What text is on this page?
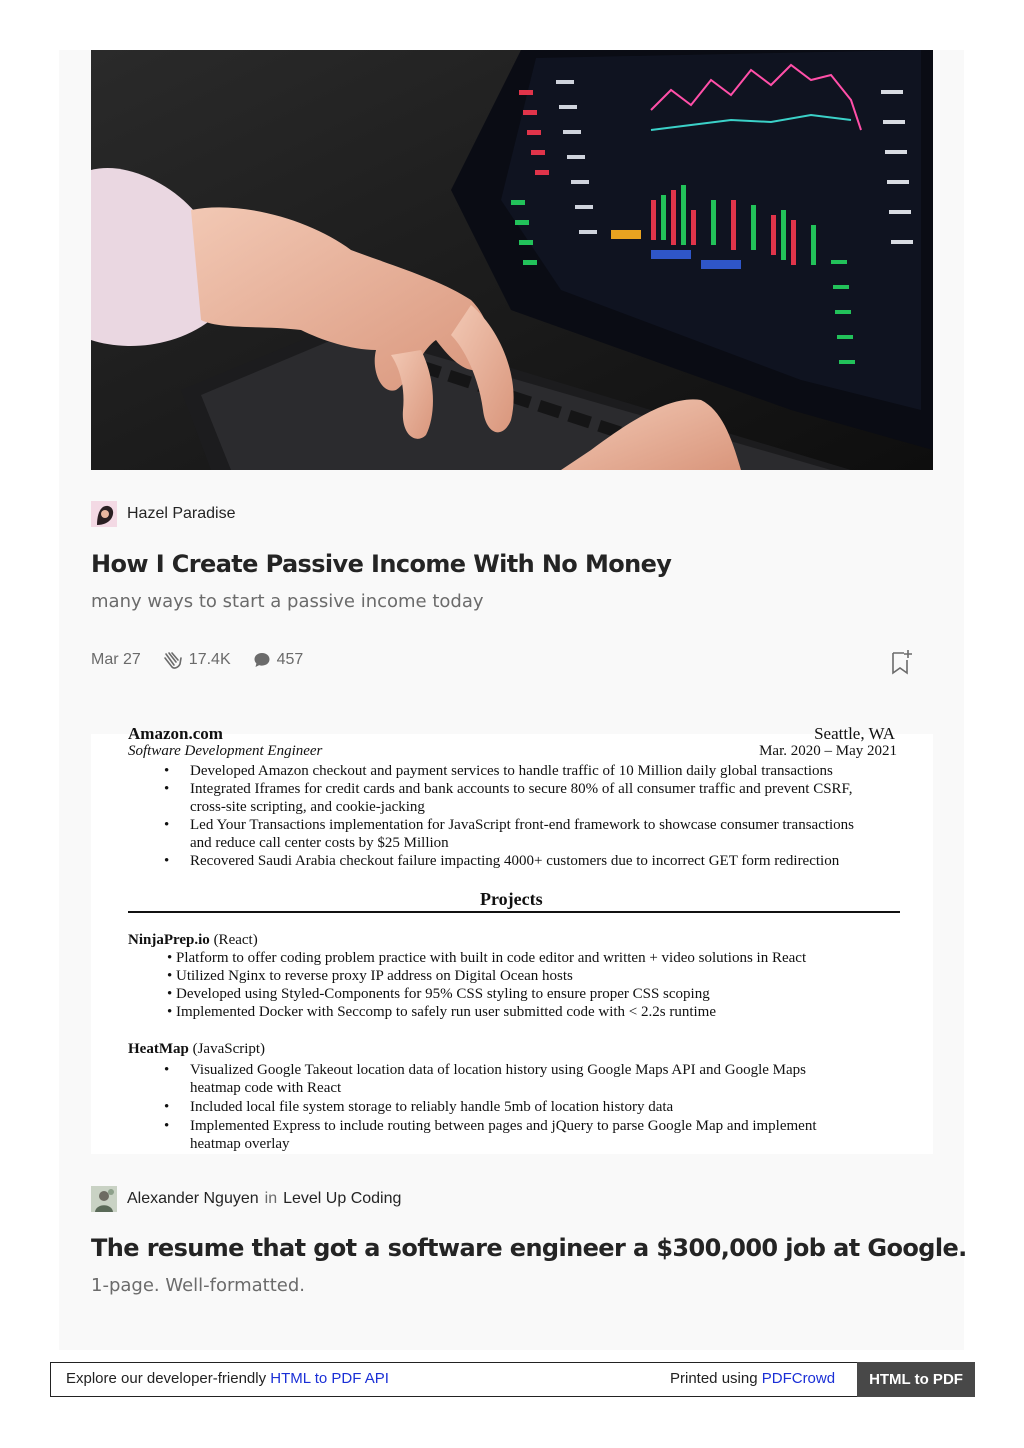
Hazel Paradise
How I Create Passive Income With No Money

many ways to start a passive income today

Mar 27	17.4K	457
Amazon.com	Seattle, WA
Software Development Engineer	Mar. 2020 – May 2021
• Developed Amazon checkout and payment services to handle traffic of 10 Million daily global transactions
• Integrated Iframes for credit cards and bank accounts to secure 80% of all consumer traffic and prevent CSRF,
cross-site scripting, and cookie-jacking
• Led Your Transactions implementation for JavaScript front-end framework to showcase consumer transactions
and reduce call center costs by $25 Million
• Recovered Saudi Arabia checkout failure impacting 4000+ customers due to incorrect GET form redirection
Projects
NinjaPrep.io (React)
• Platform to offer coding problem practice with built in code editor and written + video solutions in React
• Utilized Nginx to reverse proxy IP address on Digital Ocean hosts
• Developed using Styled-Components for 95% CSS styling to ensure proper CSS scoping
• Implemented Docker with Seccomp to safely run user submitted code with < 2.2s runtime
HeatMap (JavaScript)
• Visualized Google Takeout location data of location history using Google Maps API and Google Maps
heatmap code with React
• Included local file system storage to reliably handle 5mb of location history data
• Implemented Express to include routing between pages and jQuery to parse Google Map and implement
heatmap overlay
Alexander Nguyen in Level Up Coding
The resume that got a software engineer a $300,000 job at Google.

1-page. Well-formatted.

Explore our developer-friendly HTML to PDF API	Printed using PDFCrowd	HTML to PDF
